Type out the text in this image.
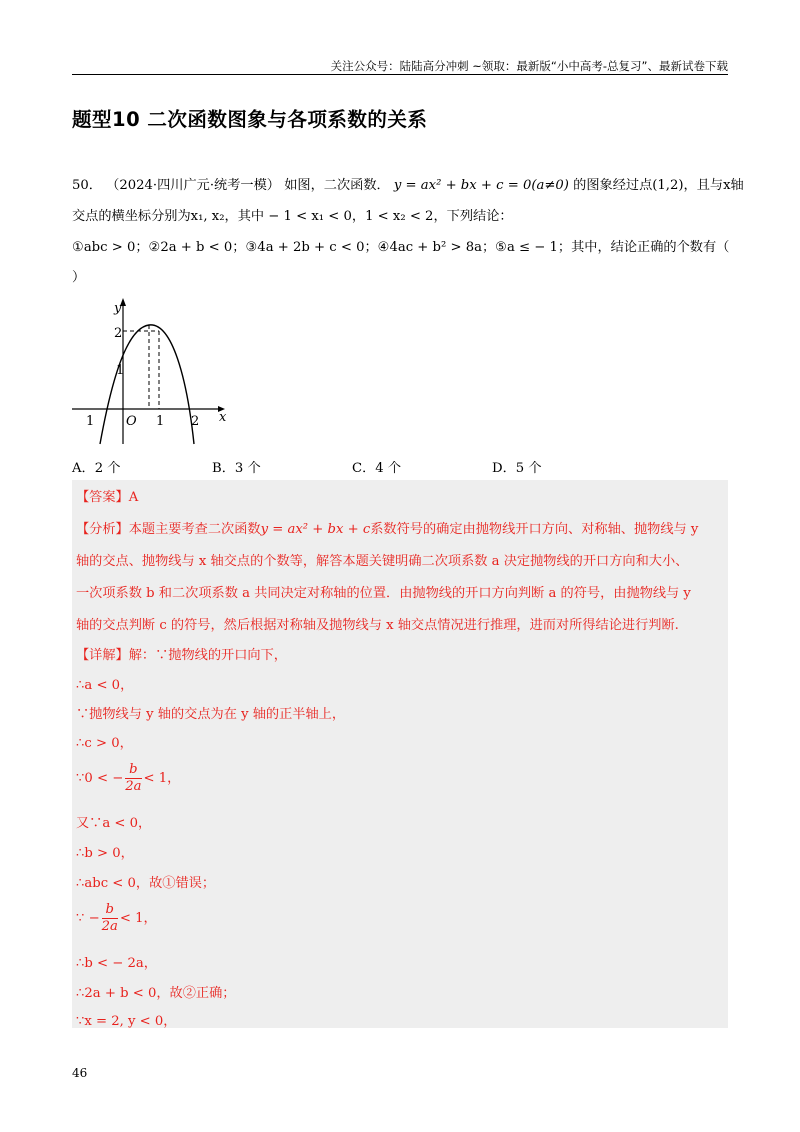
关注公众号：陆陆高分冲刺 ~领取：最新版“小中高考-总复习”、最新试卷下载
题型10 二次函数图象与各项系数的关系
50． （2024·四川广元·统考一模） 如图，二次函数． y = ax² + bx + c = 0(a≠0) 的图象经过点(1,2)，且与x轴
交点的横坐标分别为x₁, x₂，其中 − 1 < x₁ < 0，1 < x₂ < 2，下列结论：
①abc > 0；②2a + b < 0；③4a + 2b + c < 0；④4ac + b² > 8a；⑤a ≤ − 1；其中，结论正确的个数有（
）
y
x
O
2
1
1	1 2
A．2 个	B．3 个	C．4 个	D．5 个
【答案】A
【分析】本题主要考查二次函数y = ax² + bx + c系数符号的确定由抛物线开口方向、对称轴、抛物线与 y
轴的交点、抛物线与 x 轴交点的个数等，解答本题关键明确二次项系数 a 决定抛物线的开口方向和大小、
一次项系数 b 和二次项系数 a 共同决定对称轴的位置．由抛物线的开口方向判断 a 的符号，由抛物线与 y
轴的交点判断 c 的符号，然后根据对称轴及抛物线与 x 轴交点情况进行推理，进而对所得结论进行判断.
【详解】解：∵抛物线的开口向下，
∴a < 0，
∵抛物线与 y 轴的交点为在 y 轴的正半轴上，
∴c > 0，
∵0 < − $\frac{b}{2a} < 1$，
又∵a < 0，
∴b > 0，
∴abc < 0，故①错误；
∵ − $\frac{b}{2a} < 1$，
∴b < − 2a，
∴2a + b < 0，故②正确；
∵x = 2, y < 0，
46
